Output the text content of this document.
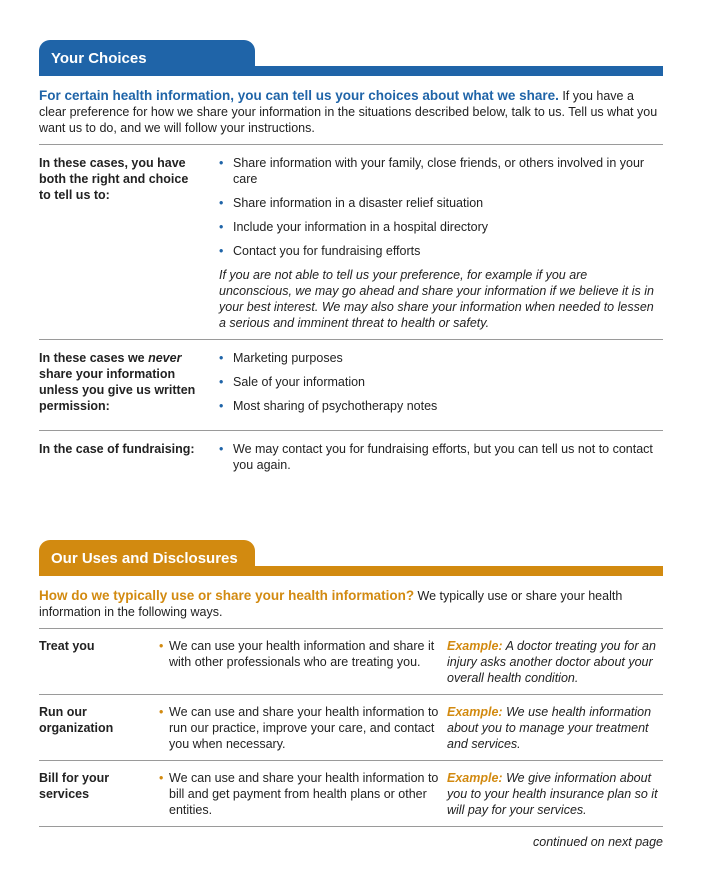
Your Choices

For certain health information, you can tell us your choices about what we share. If you have a clear preference for how we share your information in the situations described below, talk to us. Tell us what you want us to do, and we will follow your instructions.

In these cases, you have both the right and choice to tell us to:
• Share information with your family, close friends, or others involved in your care
• Share information in a disaster relief situation
• Include your information in a hospital directory
• Contact you for fundraising efforts

If you are not able to tell us your preference, for example if you are unconscious, we may go ahead and share your information if we believe it is in your best interest. We may also share your information when needed to lessen a serious and imminent threat to health or safety.

In these cases we never share your information unless you give us written permission:
• Marketing purposes
• Sale of your information
• Most sharing of psychotherapy notes
In the case of fundraising:	• We may contact you for fundraising efforts, but you can tell us not to contact you again.
Our Uses and Disclosures

How do we typically use or share your health information? We typically use or share your health information in the following ways.

Treat you	• We can use your health information and share it with other professionals who are treating you.
Example: A doctor treating you for an injury asks another doctor about your overall health condition.
Run our organization
• We can use and share your health information to run our practice, improve your care, and contact you when necessary.
Example: We use health information about you to manage your treatment and services.
Bill for your services
• We can use and share your health information to bill and get payment from health plans or other entities.
Example: We give information about you to your health insurance plan so it will pay for your services.

continued on next page
